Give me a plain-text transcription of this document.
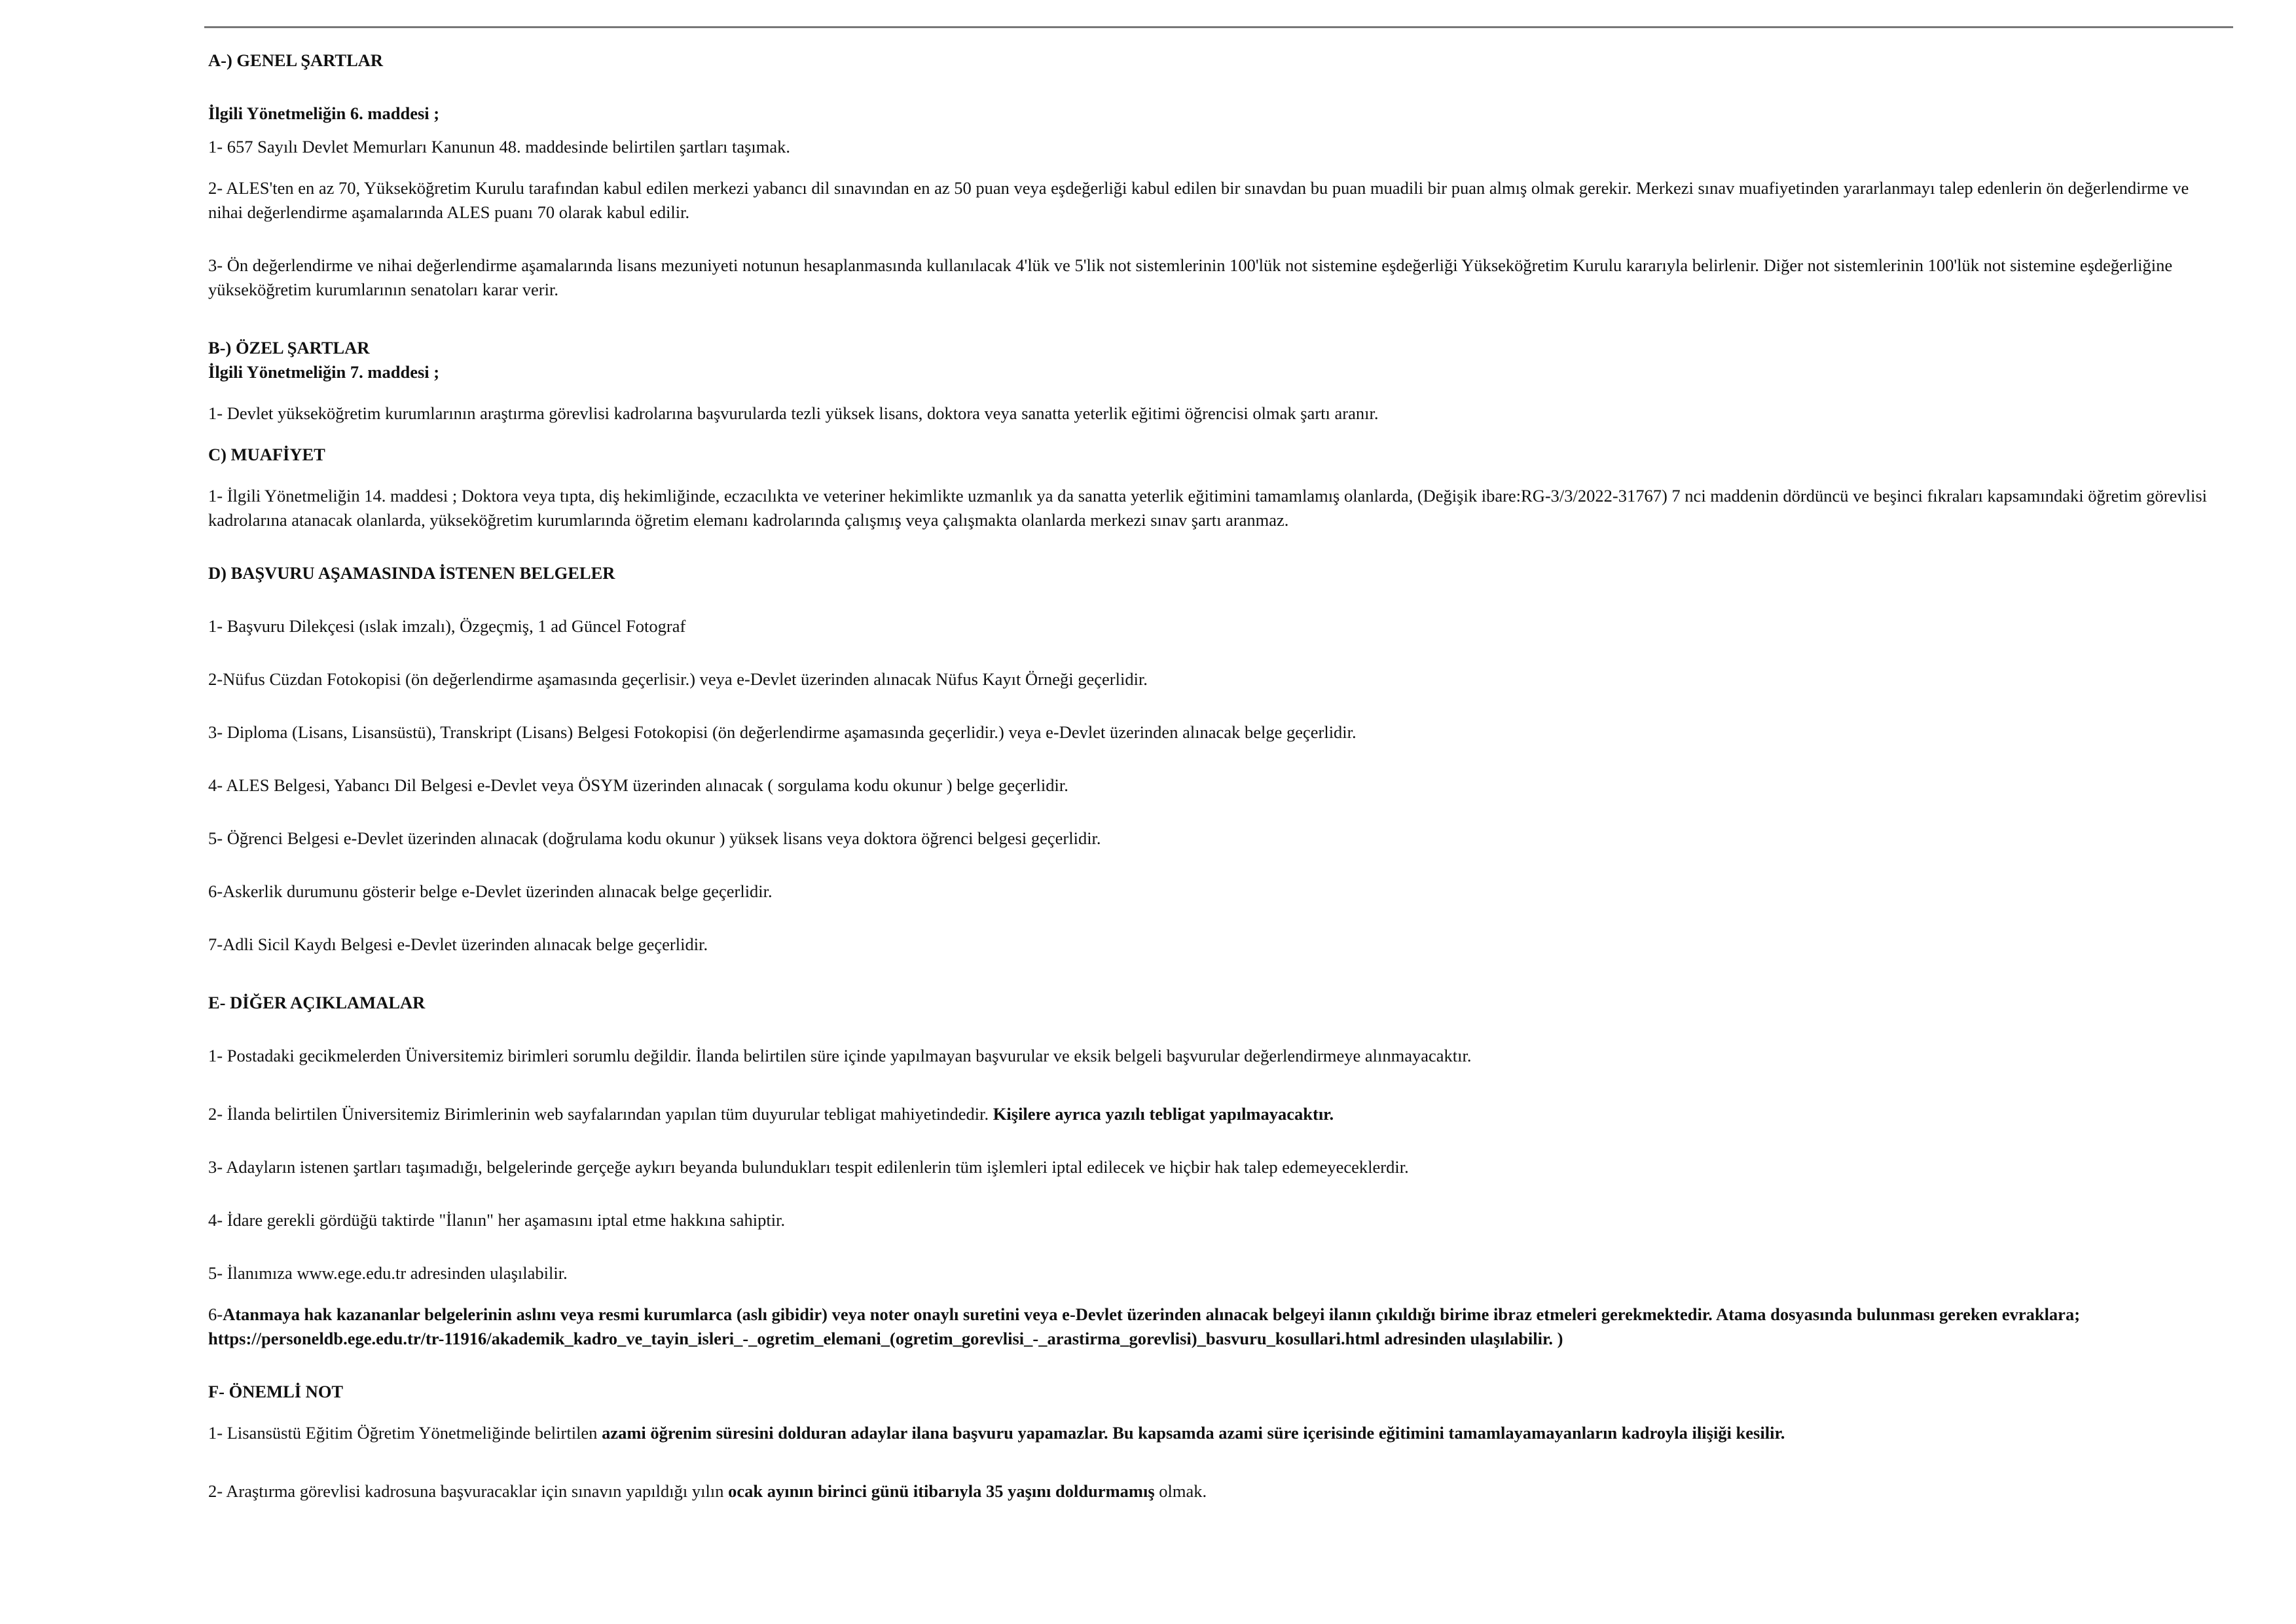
A-) GENEL ŞARTLAR

İlgili Yönetmeliğin 6. maddesi ;

1- 657 Sayılı Devlet Memurları Kanunun 48. maddesinde belirtilen şartları taşımak.

2- ALES'ten en az 70, Yükseköğretim Kurulu tarafından kabul edilen merkezi yabancı dil sınavından en az 50 puan veya eşdeğerliği kabul edilen bir sınavdan bu puan muadili bir puan almış olmak gerekir. Merkezi sınav muafiyetinden yararlanmayı talep edenlerin ön değerlendirme ve nihai değerlendirme aşamalarında ALES puanı 70 olarak kabul edilir.

3- Ön değerlendirme ve nihai değerlendirme aşamalarında lisans mezuniyeti notunun hesaplanmasında kullanılacak 4'lük ve 5'lik not sistemlerinin 100'lük not sistemine eşdeğerliği Yükseköğretim Kurulu kararıyla belirlenir. Diğer not sistemlerinin 100'lük not sistemine eşdeğerliğine yükseköğretim kurumlarının senatoları karar verir.

B-) ÖZEL ŞARTLAR

İlgili Yönetmeliğin 7. maddesi ;

1- Devlet yükseköğretim kurumlarının araştırma görevlisi kadrolarına başvurularda tezli yüksek lisans, doktora veya sanatta yeterlik eğitimi öğrencisi olmak şartı aranır.

C) MUAFİYET

1- İlgili Yönetmeliğin 14. maddesi ; Doktora veya tıpta, diş hekimliğinde, eczacılıkta ve veteriner hekimlikte uzmanlık ya da sanatta yeterlik eğitimini tamamlamış olanlarda, (Değişik ibare:RG-3/3/2022-31767) 7 nci maddenin dördüncü ve beşinci fıkraları kapsamındaki öğretim görevlisi kadrolarına atanacak olanlarda, yükseköğretim kurumlarında öğretim elemanı kadrolarında çalışmış veya çalışmakta olanlarda merkezi sınav şartı aranmaz.

D) BAŞVURU AŞAMASINDA İSTENEN BELGELER

1- Başvuru Dilekçesi (ıslak imzalı), Özgeçmiş, 1 ad Güncel Fotograf

2-Nüfus Cüzdan Fotokopisi (ön değerlendirme aşamasında geçerlisir.) veya e-Devlet üzerinden alınacak Nüfus Kayıt Örneği geçerlidir.

3- Diploma (Lisans, Lisansüstü), Transkript (Lisans) Belgesi Fotokopisi (ön değerlendirme aşamasında geçerlidir.) veya e-Devlet üzerinden alınacak belge geçerlidir.

4- ALES Belgesi, Yabancı Dil Belgesi e-Devlet veya ÖSYM üzerinden alınacak ( sorgulama kodu okunur ) belge geçerlidir.

5- Öğrenci Belgesi e-Devlet üzerinden alınacak (doğrulama kodu okunur ) yüksek lisans veya doktora öğrenci belgesi geçerlidir.

6-Askerlik durumunu gösterir belge e-Devlet üzerinden alınacak belge geçerlidir.

7-Adli Sicil Kaydı Belgesi e-Devlet üzerinden alınacak belge geçerlidir.

E- DİĞER AÇIKLAMALAR

1- Postadaki gecikmelerden Üniversitemiz birimleri sorumlu değildir. İlanda belirtilen süre içinde yapılmayan başvurular ve eksik belgeli başvurular değerlendirmeye alınmayacaktır.

2- İlanda belirtilen Üniversitemiz Birimlerinin web sayfalarından yapılan tüm duyurular tebligat mahiyetindedir. Kişilere ayrıca yazılı tebligat yapılmayacaktır.

3- Adayların istenen şartları taşımadığı, belgelerinde gerçeğe aykırı beyanda bulundukları tespit edilenlerin tüm işlemleri iptal edilecek ve hiçbir hak talep edemeyeceklerdir.

4- İdare gerekli gördüğü taktirde "İlanın" her aşamasını iptal etme hakkına sahiptir.

5- İlanımıza www.ege.edu.tr adresinden ulaşılabilir.

6-Atanmaya hak kazananlar belgelerinin aslını veya resmi kurumlarca (aslı gibidir) veya noter onaylı suretini veya e-Devlet üzerinden alınacak belgeyi ilanın çıkıldığı birime ibraz etmeleri gerekmektedir. Atama dosyasında bulunması gereken evraklara; https://personeldb.ege.edu.tr/tr-11916/akademik_kadro_ve_tayin_isleri_-_ogretim_elemani_(ogretim_gorevlisi_-_arastirma_gorevlisi)_basvuru_kosullari.html adresinden ulaşılabilir. )

F- ÖNEMLİ NOT

1- Lisansüstü Eğitim Öğretim Yönetmeliğinde belirtilen azami öğrenim süresini dolduran adaylar ilana başvuru yapamazlar. Bu kapsamda azami süre içerisinde eğitimini tamamlayamayanların kadroyla ilişiği kesilir.

2- Araştırma görevlisi kadrosuna başvuracaklar için sınavın yapıldığı yılın ocak ayının birinci günü itibarıyla 35 yaşını doldurmamış olmak.
